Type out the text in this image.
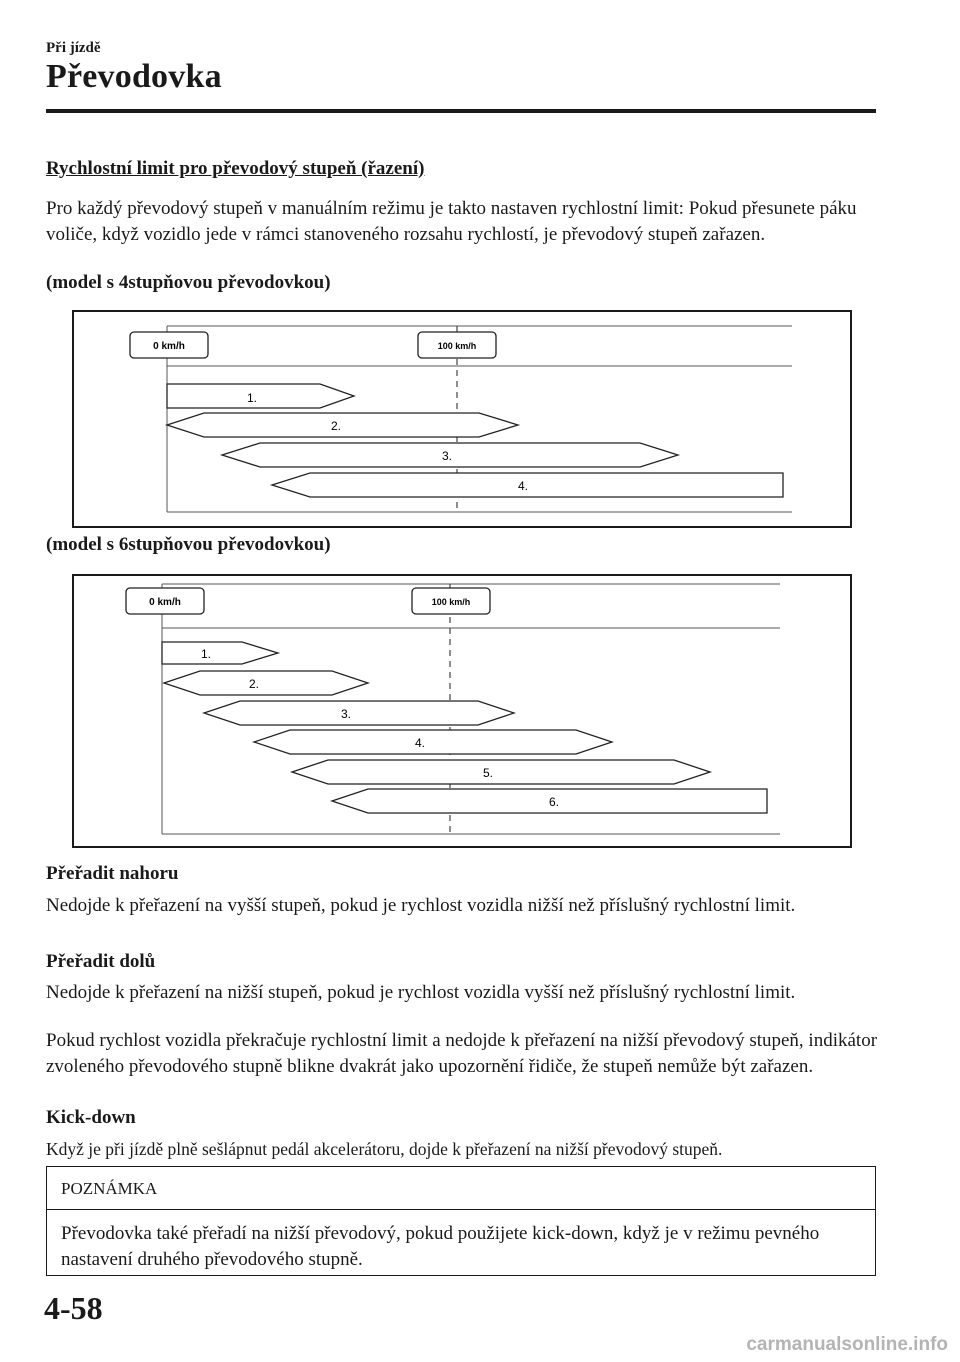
Při jízdě
Převodovka
Rychlostní limit pro převodový stupeň (řazení)
Pro každý převodový stupeň v manuálním režimu je takto nastaven rychlostní limit: Pokud přesunete páku voliče, když vozidlo jede v rámci stanoveného rozsahu rychlostí, je převodový stupeň zařazen.
(model s 4stupňovou převodovkou)
0 km/h	100 km/h
1.
2.
3.
4.
(model s 6stupňovou převodovkou)
0 km/h	100 km/h
1.
2.
3.
4.
5.
6.
Přeřadit nahoru
Nedojde k přeřazení na vyšší stupeň, pokud je rychlost vozidla nižší než příslušný rychlostní limit.
Přeřadit dolů
Nedojde k přeřazení na nižší stupeň, pokud je rychlost vozidla vyšší než příslušný rychlostní limit.
Pokud rychlost vozidla překračuje rychlostní limit a nedojde k přeřazení na nižší převodový stupeň, indikátor zvoleného převodového stupně blikne dvakrát jako upozornění řidiče, že stupeň nemůže být zařazen.
Kick-down
Když je při jízdě plně sešlápnut pedál akcelerátoru, dojde k přeřazení na nižší převodový stupeň.
POZNÁMKA
Převodovka také přeřadí na nižší převodový, pokud použijete kick-down, když je v režimu pevného nastavení druhého převodového stupně.
4-58
carmanualsonline.info
